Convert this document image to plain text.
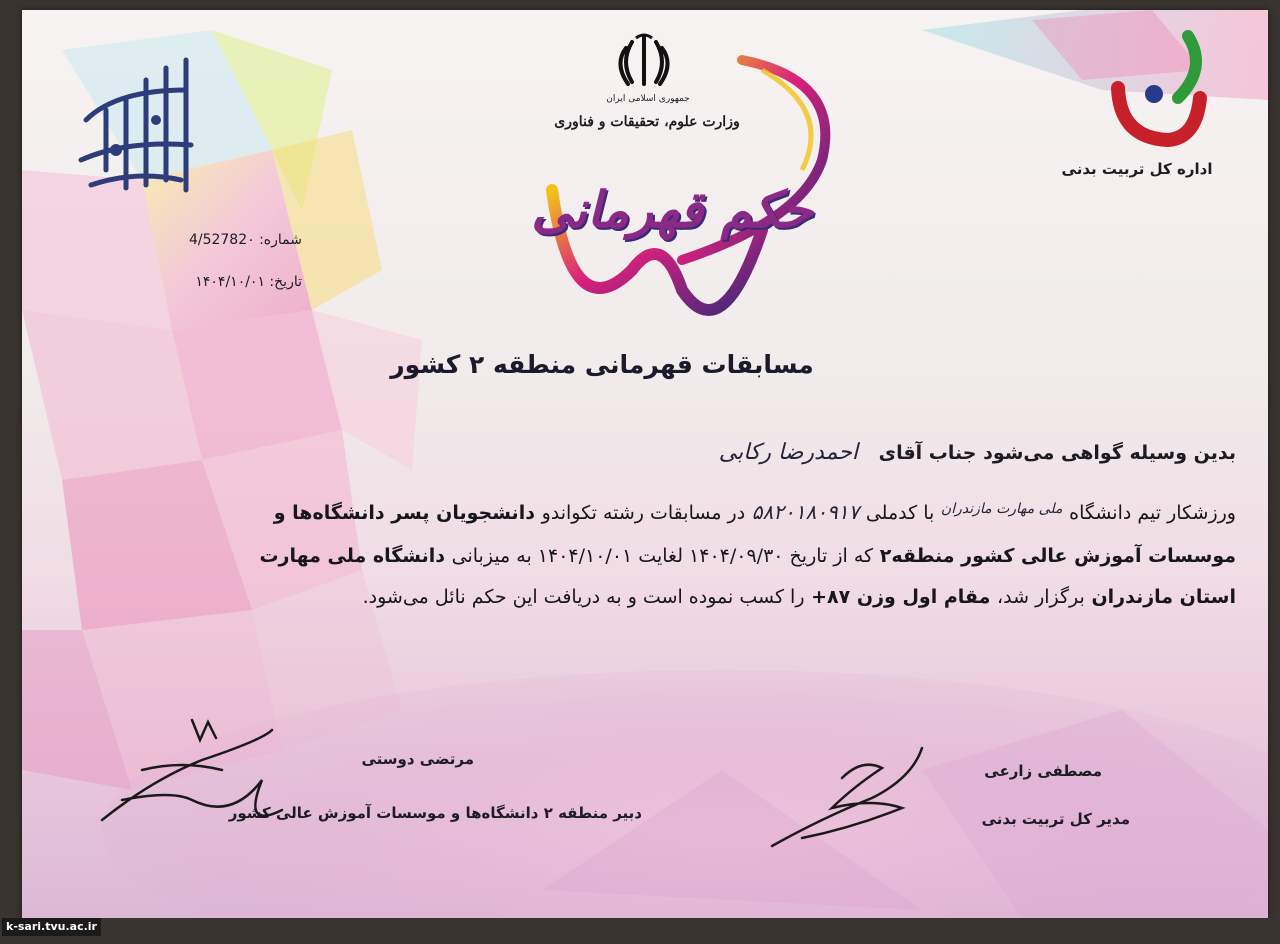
جمهوری اسلامی ایران
وزارت علوم، تحقیقات و فناوری
اداره کل تربیت بدنی
شماره: 4/52782۰
تاریخ: ۱۴۰۴/۱۰/۰۱
حکم قهرمانی
مسابقات قهرمانی منطقه ۲ کشور
بدین وسیله گواهی می‌شود جناب آقای احمدرضا رکابی
ورزشکار تیم دانشگاه $^{ملی مهارت مازندران}$ با کدملی ۵۸۲۰۱۸۰۹۱۷ در مسابقات رشته تکواندو دانشجویان پسر دانشگاه‌ها و
موسسات آموزش عالی کشور منطقه۲ که از تاریخ ۱۴۰۴/۰۹/۳۰ لغایت ۱۴۰۴/۱۰/۰۱ به میزبانی دانشگاه ملی مهارت
استان مازندران برگزار شد، مقام اول وزن ۸۷+ را کسب نموده است و به دریافت این حکم نائل می‌شود.
مصطفی زارعی
مدیر کل تربیت بدنی
مرتضی دوستی
دبیر منطقه ۲ دانشگاه‌ها و موسسات آموزش عالی کشور
k-sari.tvu.ac.ir
